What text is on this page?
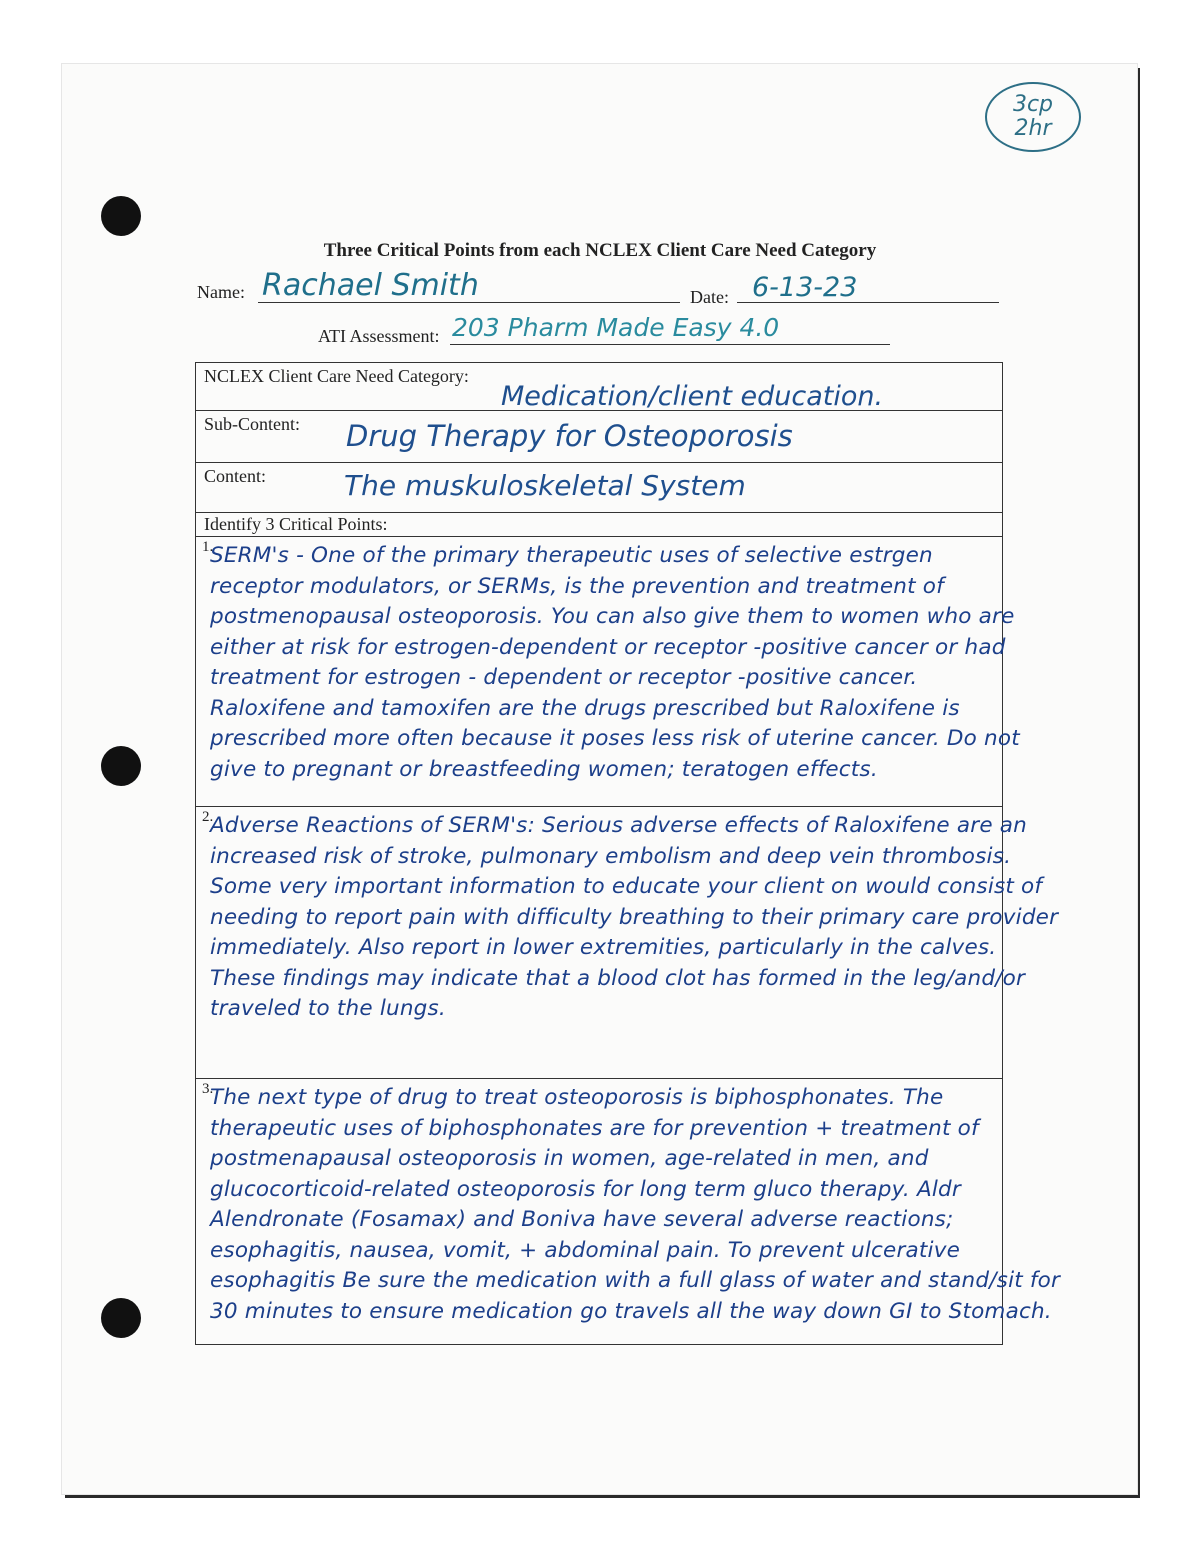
3cp
2hr
Three Critical Points from each NCLEX Client Care Need Category
Name: Rachael Smith	Date: 6-13-23
ATI Assessment: 203 Pharm Made Easy 4.0
NCLEX Client Care Need Category:
Medication/client education.

Sub-Content: Drug Therapy for Osteoporosis

Content:	The muskuloskeletal System

Identify 3 Critical Points:

1.
SERM's - One of the primary therapeutic uses of selective estrgen receptor modulators, or SERMs, is the prevention and treatment of postmenopausal osteoporosis. You can also give them to women who are either at risk for estrogen-dependent or receptor -positive cancer or had treatment for estrogen - dependent or receptor -positive cancer. Raloxifene and tamoxifen are the drugs prescribed but Raloxifene is prescribed more often because it poses less risk of uterine cancer. Do not give to pregnant or breastfeeding women; teratogen effects.

2.
Adverse Reactions of SERM's: Serious adverse effects of Raloxifene are an increased risk of stroke, pulmonary embolism and deep vein thrombosis. Some very important information to educate your client on would consist of needing to report pain with difficulty breathing to their primary care provider immediately. Also report in lower extremities, particularly in the calves. These findings may indicate that a blood clot has formed in the leg/and/or traveled to the lungs.

3.
The next type of drug to treat osteoporosis is biphosphonates. The therapeutic uses of biphosphonates are for prevention + treatment of postmenapausal osteoporosis in women, age-related in men, and glucocorticoid-related osteoporosis for long term gluco therapy. Aldr Alendronate (Fosamax) and Boniva have several adverse reactions; esophagitis, nausea, vomit, + abdominal pain. To prevent ulcerative esophagitis Be sure the medication with a full glass of water and stand/sit for 30 minutes to ensure medication go travels all the way down GI to Stomach.
